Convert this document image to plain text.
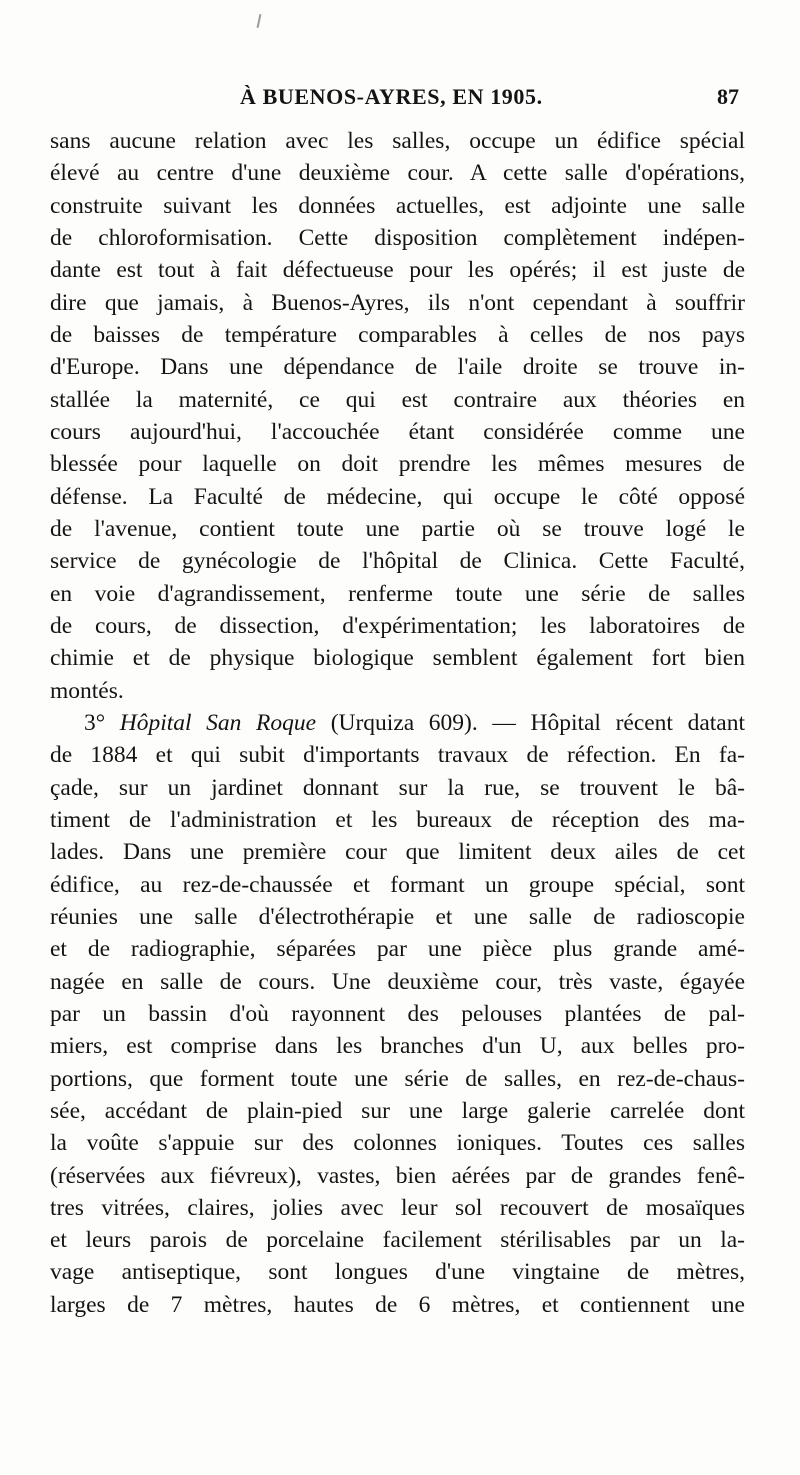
À BUENOS-AYRES, EN 1905.	87
sans aucune relation avec les salles, occupe un édifice spécial
élevé au centre d'une deuxième cour. A cette salle d'opérations,
construite suivant les données actuelles, est adjointe une salle
de chloroformisation. Cette disposition complètement indépen-
dante est tout à fait défectueuse pour les opérés; il est juste de
dire que jamais, à Buenos-Ayres, ils n'ont cependant à souffrir
de baisses de température comparables à celles de nos pays
d'Europe. Dans une dépendance de l'aile droite se trouve in-
stallée la maternité, ce qui est contraire aux théories en
cours aujourd'hui, l'accouchée étant considérée comme une
blessée pour laquelle on doit prendre les mêmes mesures de
défense. La Faculté de médecine, qui occupe le côté opposé
de l'avenue, contient toute une partie où se trouve logé le
service de gynécologie de l'hôpital de Clinica. Cette Faculté,
en voie d'agrandissement, renferme toute une série de salles
de cours, de dissection, d'expérimentation; les laboratoires de
chimie et de physique biologique semblent également fort bien
montés.
3° Hôpital San Roque (Urquiza 609). — Hôpital récent datant
de 1884 et qui subit d'importants travaux de réfection. En fa-
çade, sur un jardinet donnant sur la rue, se trouvent le bâ-
timent de l'administration et les bureaux de réception des ma-
lades. Dans une première cour que limitent deux ailes de cet
édifice, au rez-de-chaussée et formant un groupe spécial, sont
réunies une salle d'électrothérapie et une salle de radioscopie
et de radiographie, séparées par une pièce plus grande amé-
nagée en salle de cours. Une deuxième cour, très vaste, égayée
par un bassin d'où rayonnent des pelouses plantées de pal-
miers, est comprise dans les branches d'un U, aux belles pro-
portions, que forment toute une série de salles, en rez-de-chaus-
sée, accédant de plain-pied sur une large galerie carrelée dont
la voûte s'appuie sur des colonnes ioniques. Toutes ces salles
(réservées aux fiévreux), vastes, bien aérées par de grandes fenê-
tres vitrées, claires, jolies avec leur sol recouvert de mosaïques
et leurs parois de porcelaine facilement stérilisables par un la-
vage antiseptique, sont longues d'une vingtaine de mètres,
larges de 7 mètres, hautes de 6 mètres, et contiennent une
